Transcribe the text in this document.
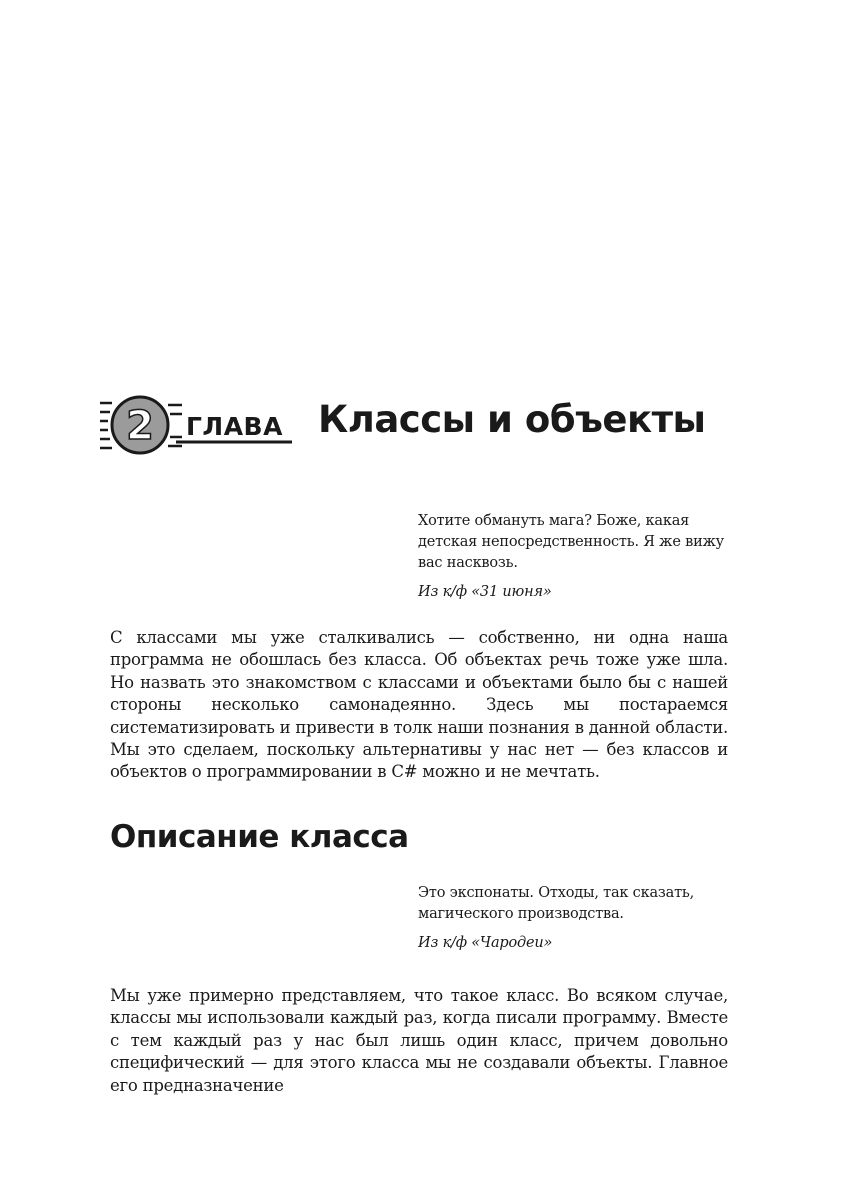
2 ГЛАВА Классы и объекты

Хотите обмануть мага? Боже, какая детская непосредственность. Я же вижу вас насквозь.

Из к/ф «31 июня»

С классами мы уже сталкивались — собственно, ни одна наша программа не обошлась без класса. Об объектах речь тоже уже шла. Но назвать это знакомством с классами и объектами было бы с нашей стороны несколько самонадеянно. Здесь мы постараемся систематизировать и привести в толк наши познания в данной области. Мы это сделаем, поскольку альтернативы у нас нет — без классов и объектов о программировании в C# можно и не мечтать.

Описание класса

Это экспонаты. Отходы, так сказать, магического производства.

Из к/ф «Чародеи»

Мы уже примерно представляем, что такое класс. Во всяком случае, классы мы использовали каждый раз, когда писали программу. Вместе с тем каждый раз у нас был лишь один класс, причем довольно специфический — для этого класса мы не создавали объекты. Главное его предназначение
